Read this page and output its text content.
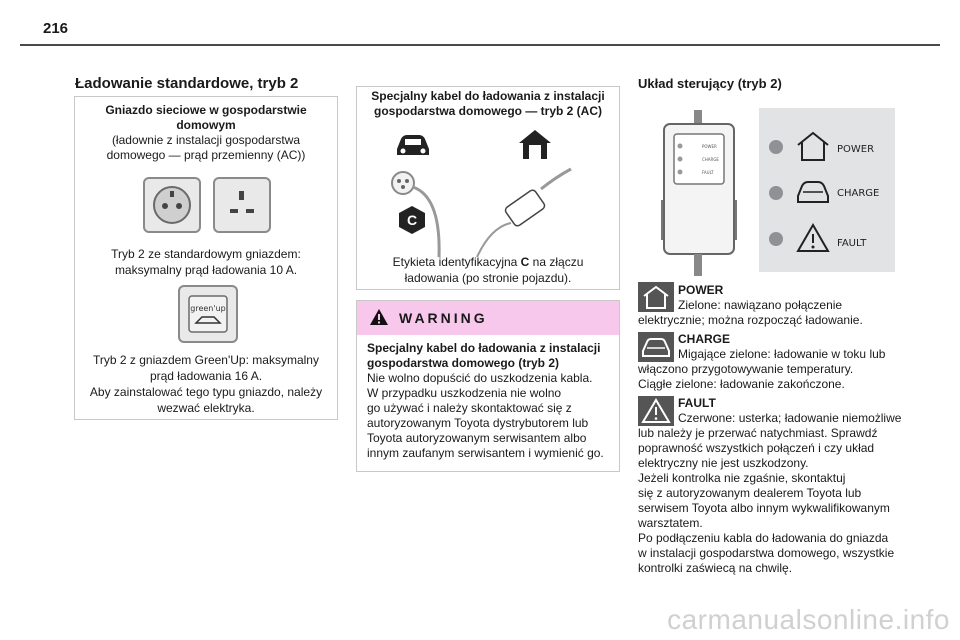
216
Ładowanie standardowe, tryb 2
Gniazdo sieciowe w gospodarstwie
domowym
(ładownie z instalacji gospodarstwa
domowego — prąd przemienny (AC))
Tryb 2 ze standardowym gniazdem:
maksymalny prąd ładowania 10 A.
green'up
Tryb 2 z gniazdem Green'Up: maksymalny
prąd ładowania 16 A.
Aby zainstalować tego typu gniazdo, należy
wezwać elektryka.
Specjalny kabel do ładowania z instalacji
gospodarstwa domowego — tryb 2 (AC)
C
Etykieta identyfikacyjna C na złączu
ładowania (po stronie pojazdu).
WARNING
Specjalny kabel do ładowania z instalacji
gospodarstwa domowego (tryb 2)
Nie wolno dopuścić do uszkodzenia kabla.
W przypadku uszkodzenia nie wolno
go używać i należy skontaktować się z
autoryzowanym Toyota dystrybutorem lub
Toyota autoryzowanym serwisantem albo
innym zaufanym serwisantem i wymienić go.
Układ sterujący (tryb 2)
POWER
CHARGE
FAULT
POWER
CHARGE
FAULT
POWER
Zielone: nawiązano połączenie
elektrycznie; można rozpocząć ładowanie.
CHARGE
Migające zielone: ładowanie w toku lub
włączono przygotowywanie temperatury.
Ciągłe zielone: ładowanie zakończone.
FAULT
Czerwone: usterka; ładowanie niemożliwe
lub należy je przerwać natychmiast. Sprawdź
poprawność wszystkich połączeń i czy układ
elektryczny nie jest uszkodzony.
Jeżeli kontrolka nie zgaśnie, skontaktuj
się z autoryzowanym dealerem Toyota lub
serwisem Toyota albo innym wykwalifikowanym
warsztatem.
Po podłączeniu kabla do ładowania do gniazda
w instalacji gospodarstwa domowego, wszystkie
kontrolki zaświecą na chwilę.
carmanualsonline.info
